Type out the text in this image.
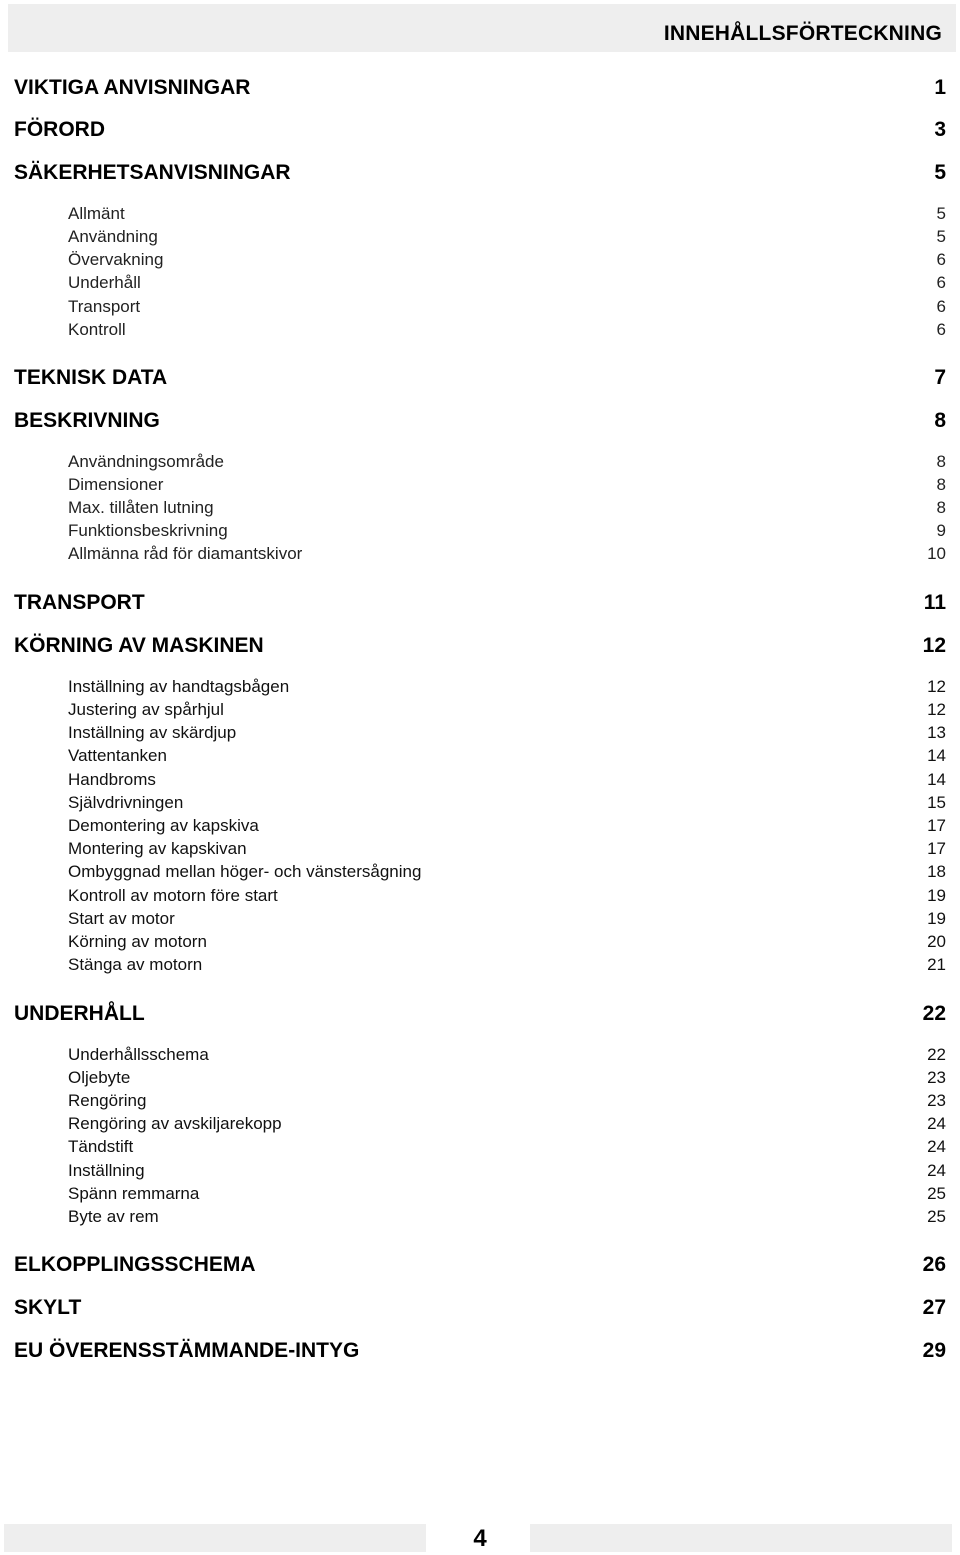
INNEHÅLLSFÖRTECKNING
VIKTIGA ANVISNINGAR	1
FÖRORD	3
SÄKERHETSANVISNINGAR	5
Allmänt	5
Användning	5
Övervakning	6
Underhåll	6
Transport	6
Kontroll	6
TEKNISK DATA	7
BESKRIVNING	8
Användningsområde	8
Dimensioner	8
Max. tillåten lutning	8
Funktionsbeskrivning	9
Allmänna råd för diamantskivor	10
TRANSPORT	11
KÖRNING AV MASKINEN	12
Inställning av handtagsbågen	12
Justering av spårhjul	12
Inställning av skärdjup	13
Vattentanken	14
Handbroms	14
Självdrivningen	15
Demontering av kapskiva	17
Montering av kapskivan	17
Ombyggnad mellan höger- och vänstersågning	18
Kontroll av motorn före start	19
Start av motor	19
Körning av motorn	20
Stänga av motorn	21
UNDERHÅLL	22
Underhållsschema	22
Oljebyte	23
Rengöring	23
Rengöring av avskiljarekopp	24
Tändstift	24
Inställning	24
Spänn remmarna	25
Byte av rem	25
ELKOPPLINGSSCHEMA	26
SKYLT	27
EU ÖVERENSSTÄMMANDE-INTYG	29
4
